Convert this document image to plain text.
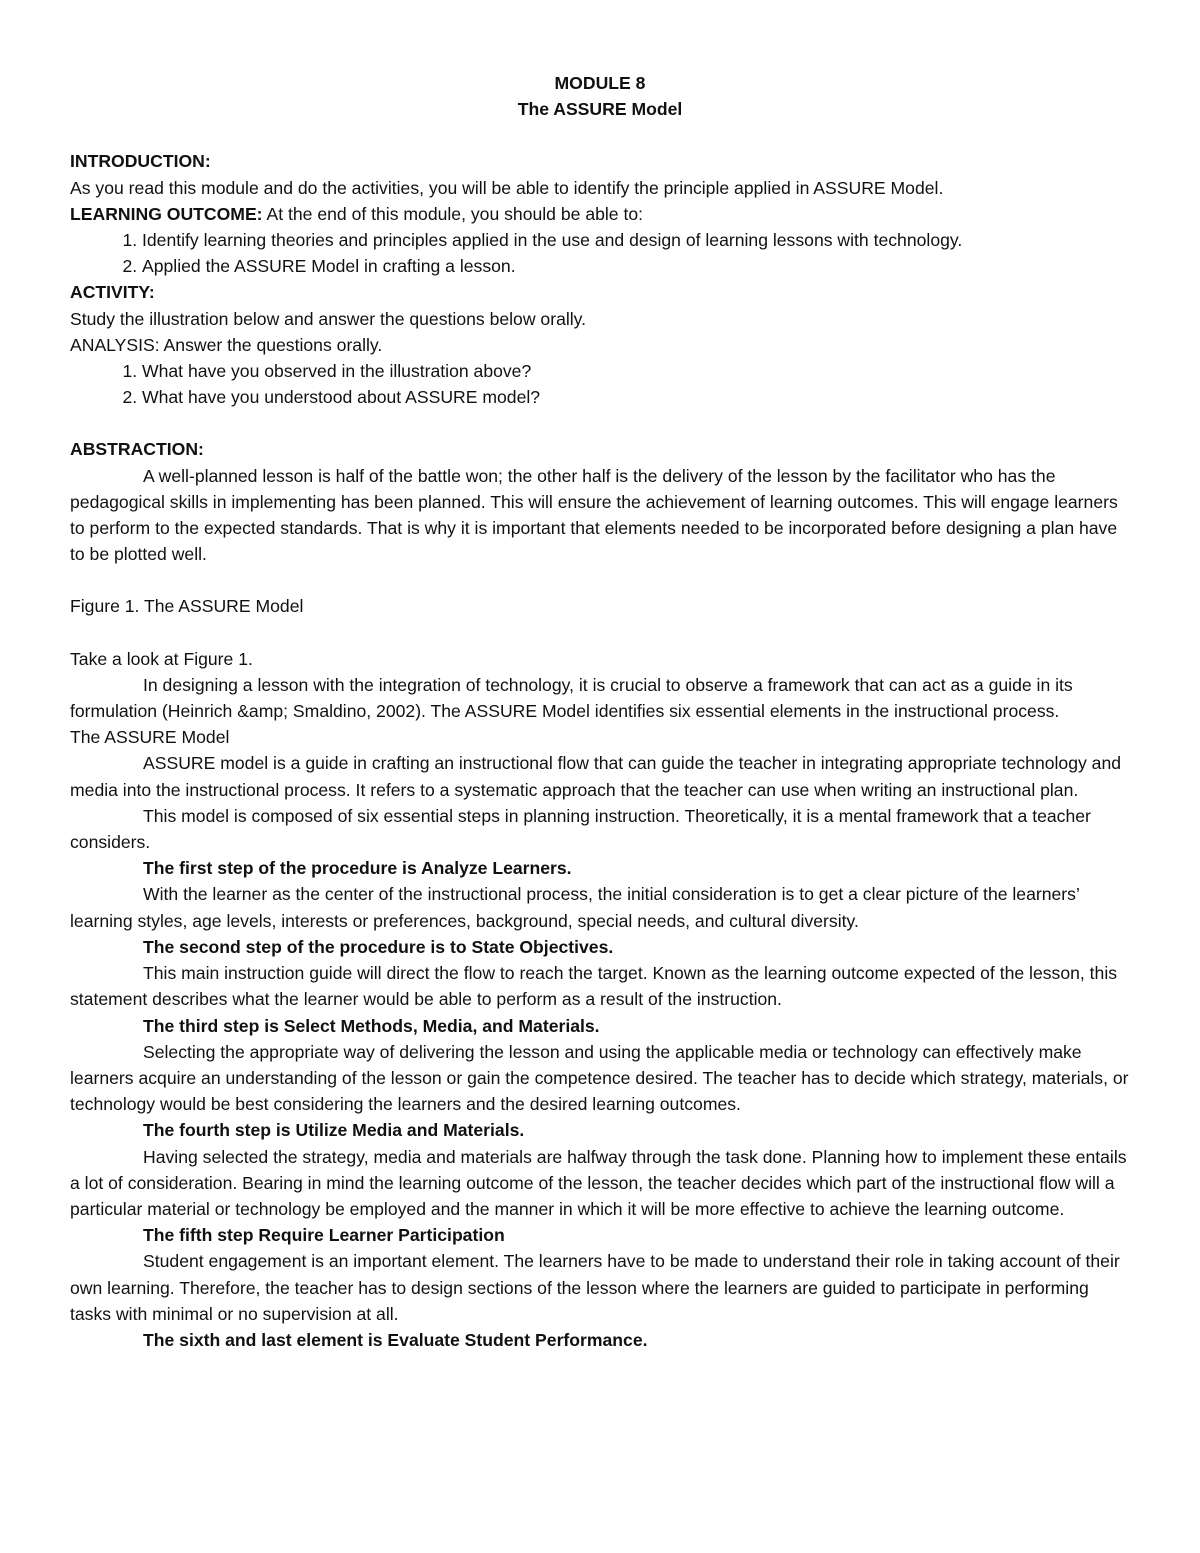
MODULE 8

The ASSURE Model

INTRODUCTION:

As you read this module and do the activities, you will be able to identify the principle applied in ASSURE Model.

LEARNING OUTCOME: At the end of this module, you should be able to:

1. Identify learning theories and principles applied in the use and design of learning lessons with technology.
2. Applied the ASSURE Model in crafting a lesson.

ACTIVITY:

Study the illustration below and answer the questions below orally.

ANALYSIS: Answer the questions orally.

1. What have you observed in the illustration above?
2. What have you understood about ASSURE model?

ABSTRACTION:

A well-planned lesson is half of the battle won; the other half is the delivery of the lesson by the facilitator who has the pedagogical skills in implementing has been planned. This will ensure the achievement of learning outcomes. This will engage learners to perform to the expected standards. That is why it is important that elements needed to be incorporated before designing a plan have to be plotted well.

Figure 1. The ASSURE Model

Take a look at Figure 1.

In designing a lesson with the integration of technology, it is crucial to observe a framework that can act as a guide in its formulation (Heinrich &amp; Smaldino, 2002). The ASSURE Model identifies six essential elements in the instructional process.

The ASSURE Model

ASSURE model is a guide in crafting an instructional flow that can guide the teacher in integrating appropriate technology and media into the instructional process. It refers to a systematic approach that the teacher can use when writing an instructional plan.

This model is composed of six essential steps in planning instruction. Theoretically, it is a mental framework that a teacher considers.

The first step of the procedure is Analyze Learners.

With the learner as the center of the instructional process, the initial consideration is to get a clear picture of the learners’ learning styles, age levels, interests or preferences, background, special needs, and cultural diversity.

The second step of the procedure is to State Objectives.

This main instruction guide will direct the flow to reach the target. Known as the learning outcome expected of the lesson, this statement describes what the learner would be able to perform as a result of the instruction.

The third step is Select Methods, Media, and Materials.

Selecting the appropriate way of delivering the lesson and using the applicable media or technology can effectively make learners acquire an understanding of the lesson or gain the competence desired. The teacher has to decide which strategy, materials, or technology would be best considering the learners and the desired learning outcomes.

The fourth step is Utilize Media and Materials.

Having selected the strategy, media and materials are halfway through the task done. Planning how to implement these entails a lot of consideration. Bearing in mind the learning outcome of the lesson, the teacher decides which part of the instructional flow will a particular material or technology be employed and the manner in which it will be more effective to achieve the learning outcome.

The fifth step Require Learner Participation

Student engagement is an important element. The learners have to be made to understand their role in taking account of their own learning. Therefore, the teacher has to design sections of the lesson where the learners are guided to participate in performing tasks with minimal or no supervision at all.

The sixth and last element is Evaluate Student Performance.
